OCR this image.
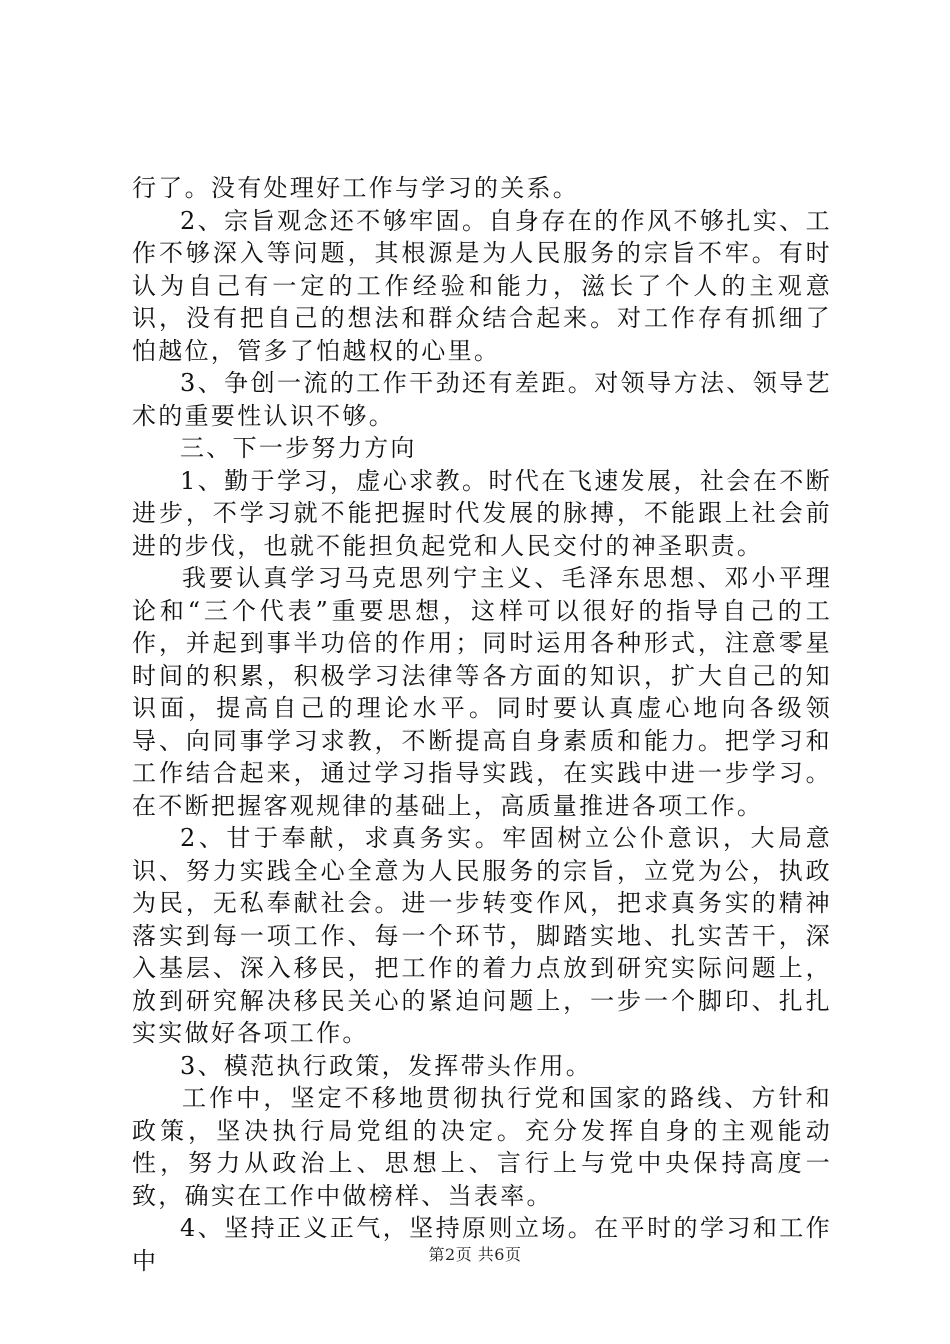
行了。没有处理好工作与学习的关系。

2、宗旨观念还不够牢固。自身存在的作风不够扎实、工作不够深入等问题，其根源是为人民服务的宗旨不牢。有时认为自己有一定的工作经验和能力，滋长了个人的主观意识，没有把自己的想法和群众结合起来。对工作存有抓细了怕越位，管多了怕越权的心里。

3、争创一流的工作干劲还有差距。对领导方法、领导艺术的重要性认识不够。

三、下一步努力方向

1、勤于学习，虚心求教。时代在飞速发展，社会在不断进步，不学习就不能把握时代发展的脉搏，不能跟上社会前进的步伐，也就不能担负起党和人民交付的神圣职责。

我要认真学习马克思列宁主义、毛泽东思想、邓小平理论和“三个代表”重要思想，这样可以很好的指导自己的工作，并起到事半功倍的作用；同时运用各种形式，注意零星时间的积累，积极学习法律等各方面的知识，扩大自己的知识面，提高自己的理论水平。同时要认真虚心地向各级领导、向同事学习求教，不断提高自身素质和能力。把学习和工作结合起来，通过学习指导实践，在实践中进一步学习。在不断把握客观规律的基础上，高质量推进各项工作。

2、甘于奉献，求真务实。牢固树立公仆意识，大局意识、努力实践全心全意为人民服务的宗旨，立党为公，执政为民，无私奉献社会。进一步转变作风，把求真务实的精神落实到每一项工作、每一个环节，脚踏实地、扎实苦干，深入基层、深入移民，把工作的着力点放到研究实际问题上，放到研究解决移民关心的紧迫问题上，一步一个脚印、扎扎实实做好各项工作。

3、模范执行政策，发挥带头作用。

工作中，坚定不移地贯彻执行党和国家的路线、方针和政策，坚决执行局党组的决定。充分发挥自身的主观能动性，努力从政治上、思想上、言行上与党中央保持高度一致，确实在工作中做榜样、当表率。

4、坚持正义正气，坚持原则立场。在平时的学习和工作中	第2页 共6页
